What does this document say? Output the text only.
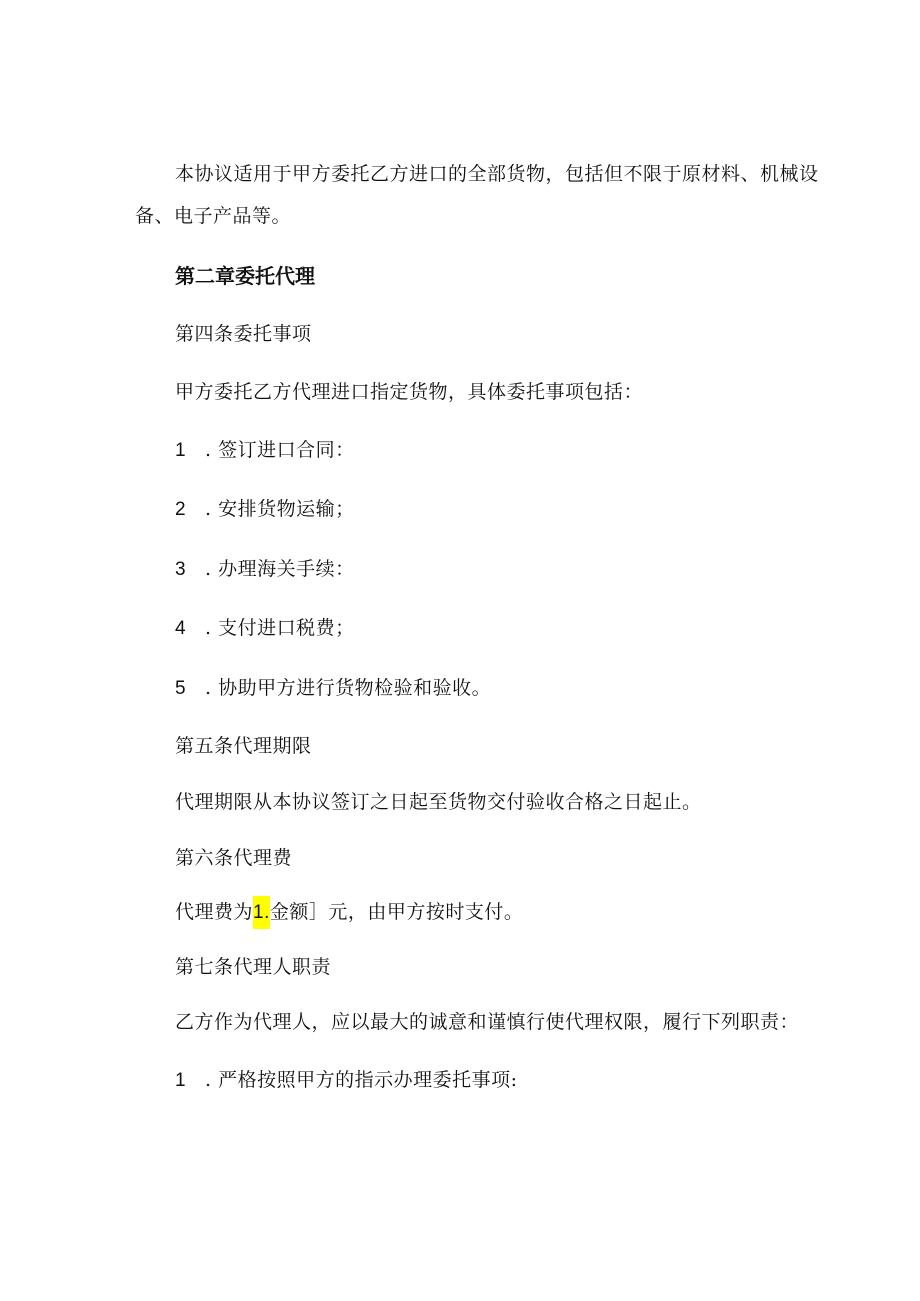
本协议适用于甲方委托乙方进口的全部货物，包括但不限于原材料、机械设
备、电子产品等。
第二章委托代理
第四条委托事项
甲方委托乙方代理进口指定货物，具体委托事项包括：
1 . 签订进口合同：
2 . 安排货物运输；
3 . 办理海关手续：
4 . 支付进口税费；
5 . 协助甲方进行货物检验和验收。
第五条代理期限
代理期限从本协议签订之日起至货物交付验收合格之日起止。
第六条代理费
代理费为1.金额］元，由甲方按时支付。
第七条代理人职责
乙方作为代理人，应以最大的诚意和谨慎行使代理权限，履行下列职责：
1 . 严格按照甲方的指示办理委托事项:
